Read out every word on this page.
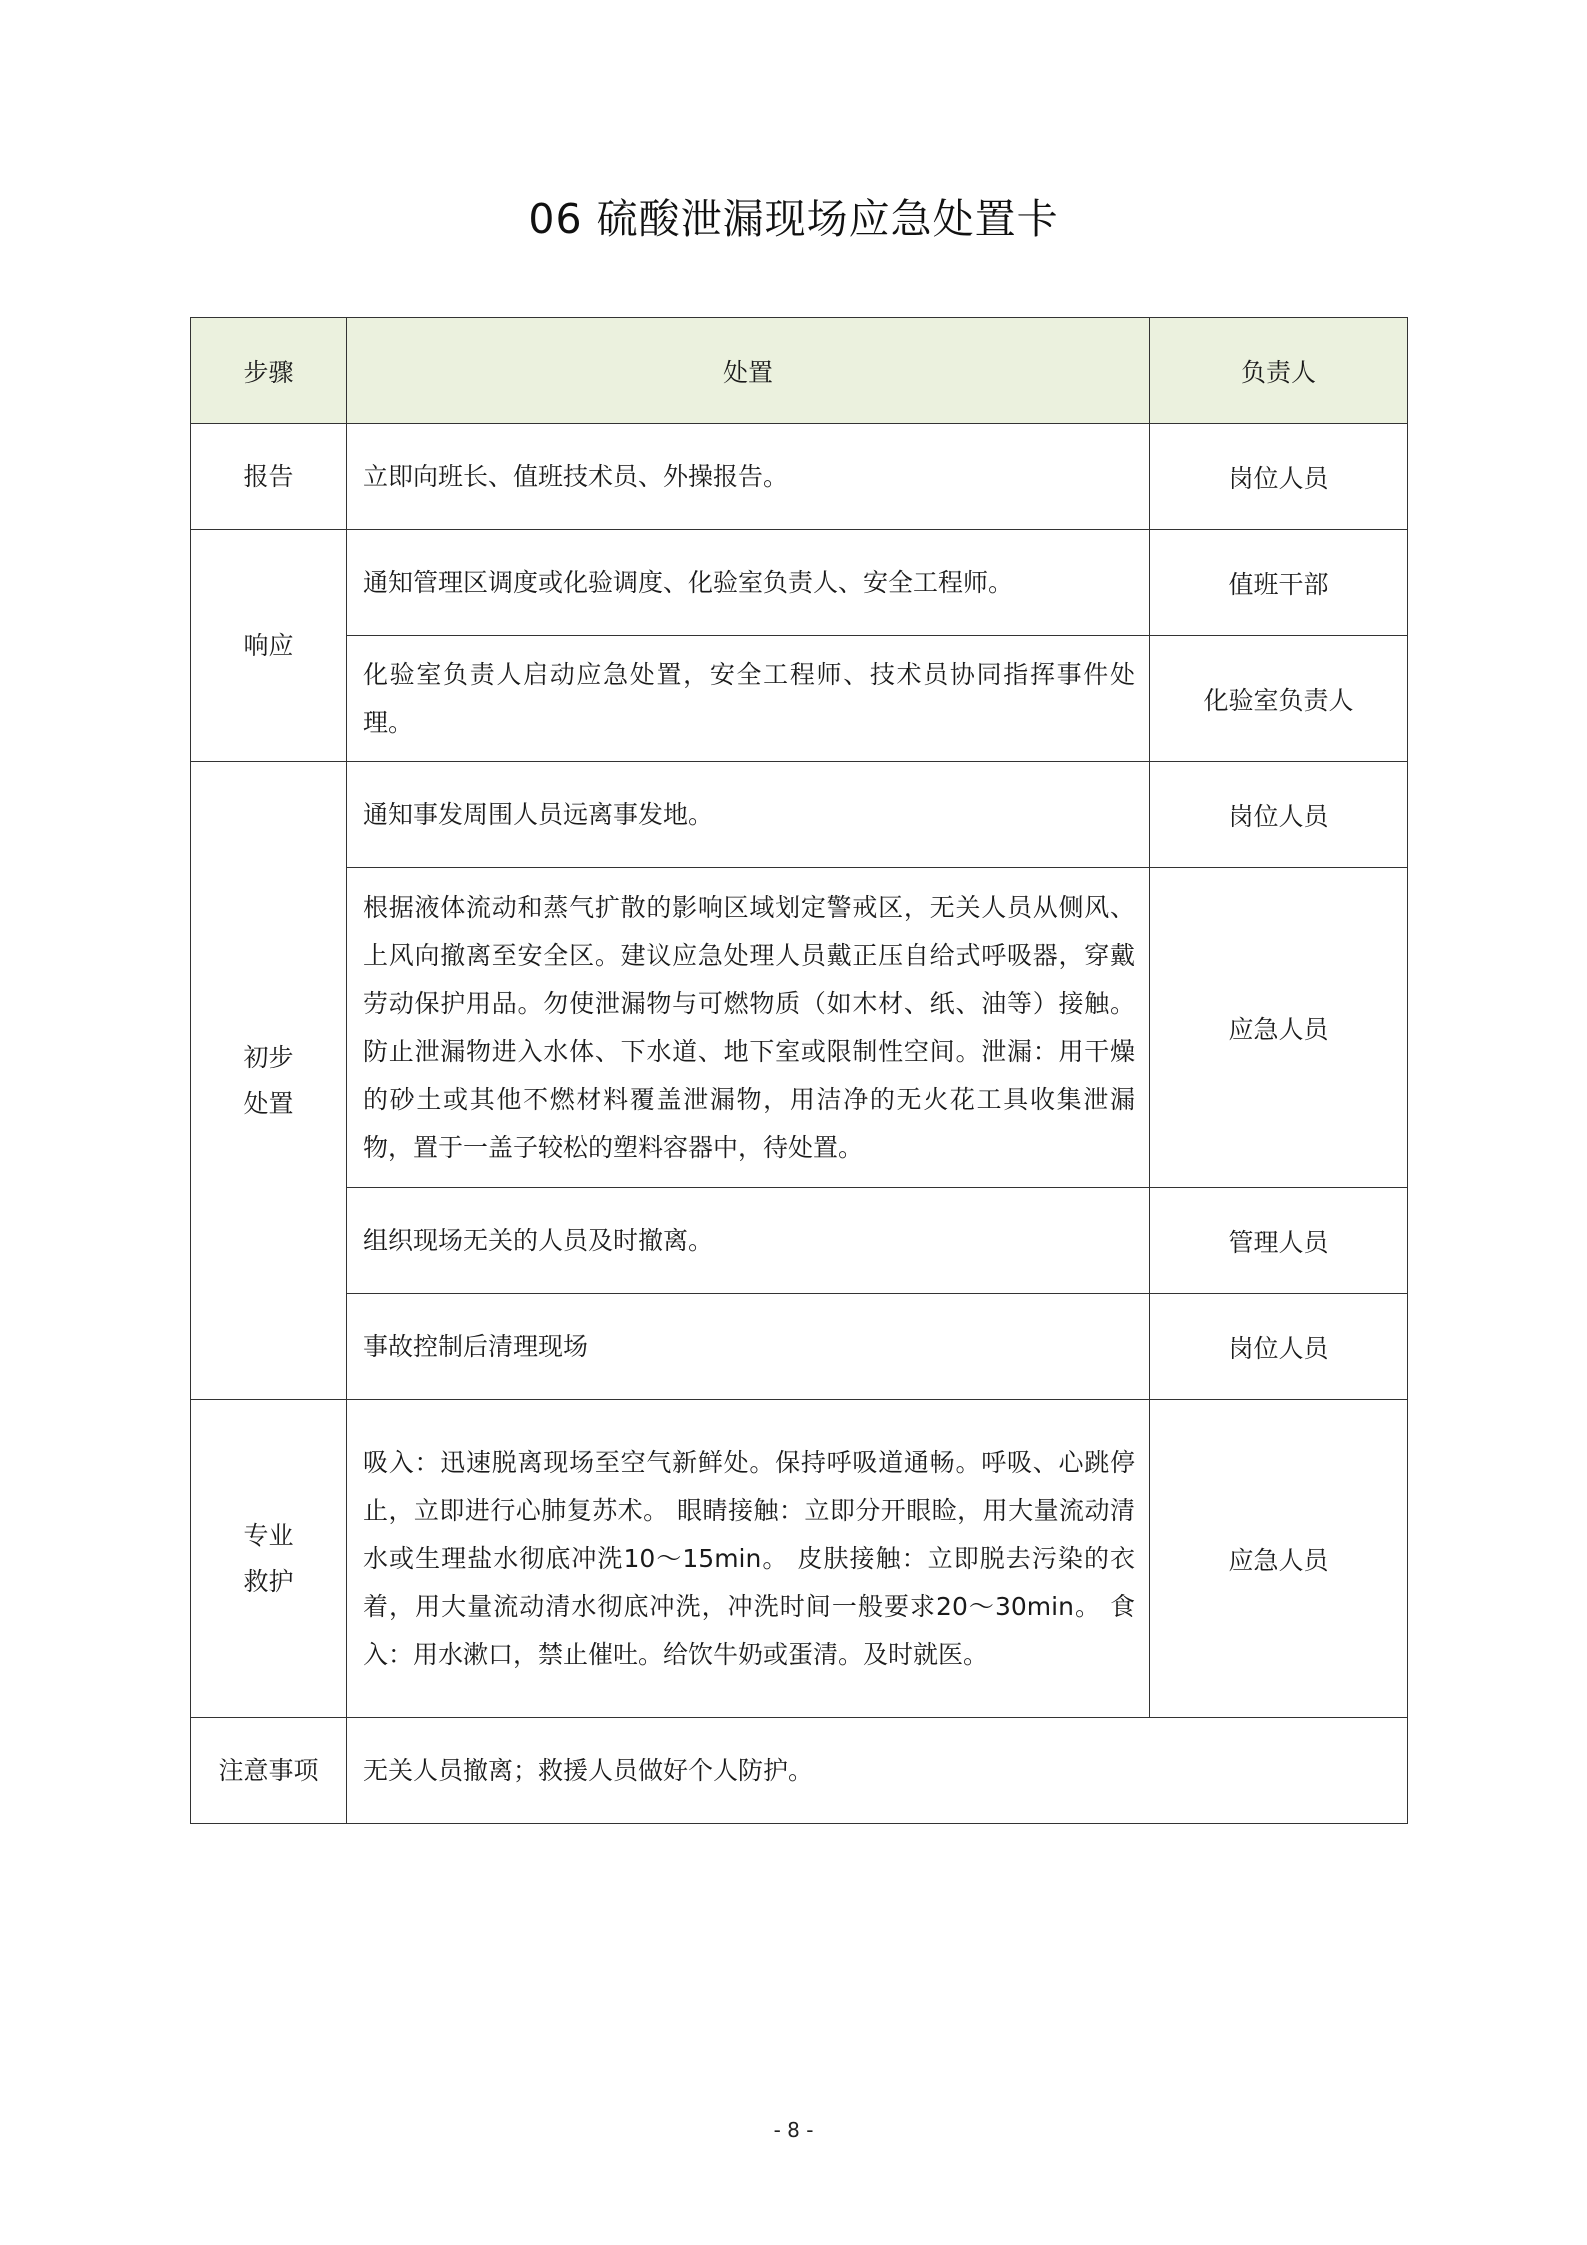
06 硫酸泄漏现场应急处置卡
步骤	处置	负责人
报告	立即向班长、值班技术员、外操报告。	岗位人员
响应	通知管理区调度或化验调度、化验室负责人、安全工程师。	值班干部
	化验室负责人启动应急处置，安全工程师、技术员协同指挥事件处理。	化验室负责人
初步
处置	通知事发周围人员远离事发地。	岗位人员
	根据液体流动和蒸气扩散的影响区域划定警戒区，无关人员从侧风、上风向撤离至安全区。建议应急处理人员戴正压自给式呼吸器，穿戴劳动保护用品。勿使泄漏物与可燃物质（如木材、纸、油等）接触。防止泄漏物进入水体、下水道、地下室或限制性空间。泄漏：用干燥的砂土或其他不燃材料覆盖泄漏物，用洁净的无火花工具收集泄漏物，置于一盖子较松的塑料容器中，待处置。	应急人员
	组织现场无关的人员及时撤离。	管理人员
	事故控制后清理现场	岗位人员
专业
救护	吸入：迅速脱离现场至空气新鲜处。保持呼吸道通畅。呼吸、心跳停止，立即进行心肺复苏术。 眼睛接触：立即分开眼睑，用大量流动清水或生理盐水彻底冲洗10～15min。 皮肤接触：立即脱去污染的衣着，用大量流动清水彻底冲洗，冲洗时间一般要求20～30min。 食入：用水漱口，禁止催吐。给饮牛奶或蛋清。及时就医。	应急人员
注意事项	无关人员撤离；救援人员做好个人防护。	
- 8 -
